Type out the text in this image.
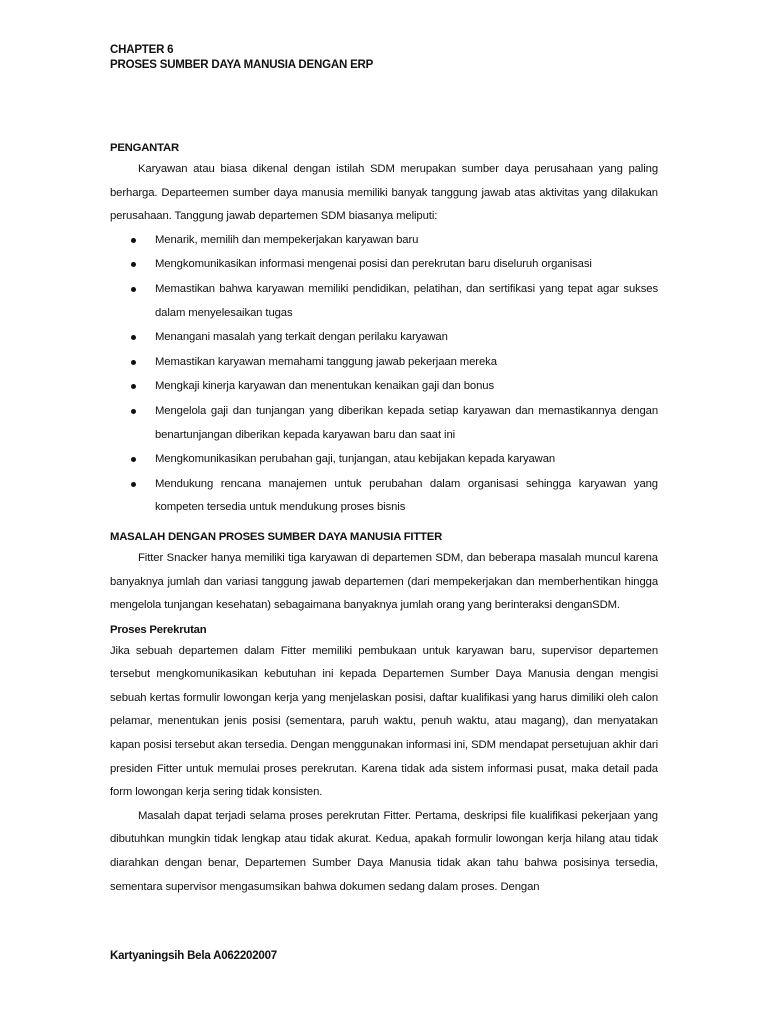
CHAPTER 6
PROSES SUMBER DAYA MANUSIA DENGAN ERP
PENGANTAR

Karyawan atau biasa dikenal dengan istilah SDM merupakan sumber daya perusahaan yang paling berharga. Departeemen sumber daya manusia memiliki banyak tanggung jawab atas aktivitas yang dilakukan perusahaan. Tanggung jawab departemen SDM biasanya meliputi:

Menarik, memilih dan mempekerjakan karyawan baru
Mengkomunikasikan informasi mengenai posisi dan perekrutan baru diseluruh organisasi
Memastikan bahwa karyawan memiliki pendidikan, pelatihan, dan sertifikasi yang tepat agar sukses dalam menyelesaikan tugas
Menangani masalah yang terkait dengan perilaku karyawan
Memastikan karyawan memahami tanggung jawab pekerjaan mereka
Mengkaji kinerja karyawan dan menentukan kenaikan gaji dan bonus
Mengelola gaji dan tunjangan yang diberikan kepada setiap karyawan dan memastikannya dengan benartunjangan diberikan kepada karyawan baru dan saat ini
Mengkomunikasikan perubahan gaji, tunjangan, atau kebijakan kepada karyawan
Mendukung rencana manajemen untuk perubahan dalam organisasi sehingga karyawan yang kompeten tersedia untuk mendukung proses bisnis
MASALAH DENGAN PROSES SUMBER DAYA MANUSIA FITTER

Fitter Snacker hanya memiliki tiga karyawan di departemen SDM, dan beberapa masalah muncul karena banyaknya jumlah dan variasi tanggung jawab departemen (dari mempekerjakan dan memberhentikan hingga mengelola tunjangan kesehatan) sebagaimana banyaknya jumlah orang yang berinteraksi denganSDM.

Proses Perekrutan

Jika sebuah departemen dalam Fitter memiliki pembukaan untuk karyawan baru, supervisor departemen tersebut mengkomunikasikan kebutuhan ini kepada Departemen Sumber Daya Manusia dengan mengisi sebuah kertas formulir lowongan kerja yang menjelaskan posisi, daftar kualifikasi yang harus dimiliki oleh calon pelamar, menentukan jenis posisi (sementara, paruh waktu, penuh waktu, atau magang), dan menyatakan kapan posisi tersebut akan tersedia. Dengan menggunakan informasi ini, SDM mendapat persetujuan akhir dari presiden Fitter untuk memulai proses perekrutan. Karena tidak ada sistem informasi pusat, maka detail pada form lowongan kerja sering tidak konsisten.

Masalah dapat terjadi selama proses perekrutan Fitter. Pertama, deskripsi file kualifikasi pekerjaan yang dibutuhkan mungkin tidak lengkap atau tidak akurat. Kedua, apakah formulir lowongan kerja hilang atau tidak diarahkan dengan benar, Departemen Sumber Daya Manusia tidak akan tahu bahwa posisinya tersedia, sementara supervisor mengasumsikan bahwa dokumen sedang dalam proses. Dengan

Kartyaningsih Bela A062202007
